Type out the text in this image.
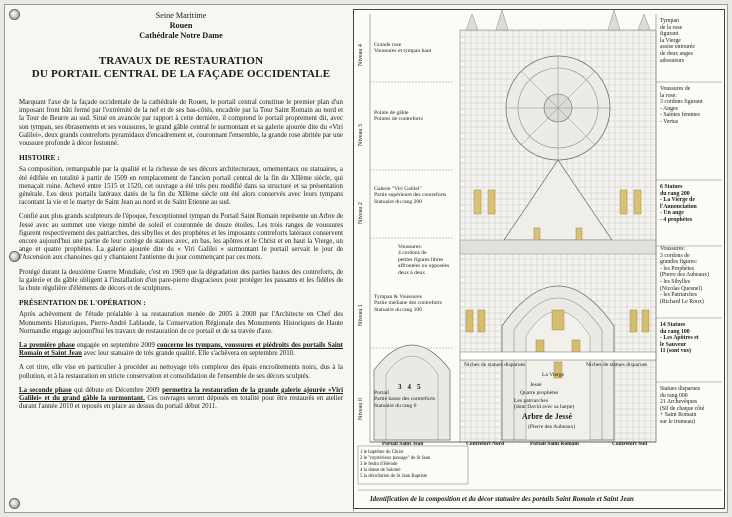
Seine Maritime
Rouen
Cathédrale Notre Dame
TRAVAUX DE RESTAURATION
DU PORTAIL CENTRAL DE LA FAÇADE OCCIDENTALE

Marquant l'axe de la façade occidentale de la cathédrale de Rouen, le portail central constitue le premier plan d'un imposant front bâti fermé par l'extrémité de la nef et de ses bas-côtés, encadrée par la Tour Saint Romain au nord et la Tour de Beurre au sud. Situé en avancée par rapport à cette dernière, il comprend le portail proprement dit, avec son tympan, ses ébrasements et ses voussures, le grand gâble central le surmontant et sa galerie ajourée dite du «Viri Galilei», deux grands contreforts pyramidaux d'encadrement et, couronnant l'ensemble, la grande rose abritée par une voussure profonde à décor festonné.

HISTOIRE :

Sa composition, remarquable par la qualité et la richesse de ses décors architecturaux, ornementaux ou statuaires, a été édifiée en totalité à partir de 1509 en remplacement de l'ancien portail central de la fin du XIIème siècle, qui menaçait ruine. Achevé entre 1515 et 1520, cet ouvrage a été très peu modifié dans sa structure et sa présentation générale. Les deux portails latéraux datés de la fin du XIIème siècle ont été alors conservés avec leurs tympans racontant la vie et le martyr de Saint Jean au nord et de Saint Etienne au sud.

Confié aux plus grands sculpteurs de l'époque, l'exceptionnel tympan du Portail Saint Romain représente un Arbre de Jessé avec au sommet une vierge nimbé de soleil et couronnée de douze étoiles. Les trois ranges de voussures figurent respectivement des patriarches, des sibylles et des prophètes et les imposants contreforts latéraux conservent encore aujourd'hui une partie de leur cortège de statues avec, en bas, les apôtres et le Christ et en haut la Vierge, un ange et quatre prophètes. La galerie ajourée dite du « Viri Galilei » surmontant le portail servait le jour de l'Ascension aux chanoines qui y chantaient l'antienne du jour commençant par ces mots.

Protégé durant la deuxième Guerre Mondiale, c'est en 1969 que la dégradation des parties hautes des contreforts, de la galerie et du gâble obligent à l'installation d'un pare-pierre disgracieux pour protéger les passants et les fidèles de la chute régulière d'éléments de décors et de sculptures.

PRÉSENTATION DE L'OPÉRATION :

Après achèvement de l'étude préalable à sa restauration menée de 2005 à 2008 par l'Architecte en Chef des Monuments Historiques, Pierre-André Lablaude, la Conservation Régionale des Monuments Historiques de Haute Normandie engage aujourd'hui les travaux de restauration de ce portail et de sa travée d'axe.

La première phase engagée en septembre 2009 concerne les tympans, voussures et piédroits des portails Saint Romain et Saint Jean avec leur statuaire de très grande qualité. Elle s'achèvera en septembre 2010.

A cet titre, elle vise en particulier à procéder au nettoyage très complexe des épais encroûtements noirs, dus à la pollution, et à la restauration en stricte conservation et consolidation de l'ensemble de ses décors sculptés.

La seconde phase qui débute en Décembre 2009 permettra la restauration de la grande galerie ajourée «Viri Galilei» et du grand gâble la surmontant. Ces ouvrages seront déposés en totalité pour être restaurés en atelier durant l'année 2010 et reposés en place au dessus du portail début 2011.

Niveau 4
Niveau 3
Niveau 2
Niveau 1
Niveau 0
Grande rose
Voussures et tympan haut
Pointe de gâble
Pointes de contreforts
Galerie "Viri Galilei"
Partie supérieure des contreforts
Statuaire du rang 200
Voussures:
4 cordons de
petites figures libres
affrontées ou opposées
deux à deux
Tympan & Voussures
Partie médiane des contreforts
Statuaire du rang 100
Portail
Partie basse des contreforts
Statuaire du rang 0
Tympan
de la rose
figurant
la Vierge
assise entourée
de deux anges
adorateurs
Voussures de
la rose:
3 cordons figurant
- Anges
- Saintes femmes
- Vertus
6 Statues
du rang 200
- La Vierge de
l'Annonciation
- Un ange
- 4 prophètes
Voussures:
3 cordons de
grandes figures:
- les Prophètes
(Pierre des Aubeaux)
- les Sibylles
(Nicolas Quesnel)
- les Patriarches
(Richard Le Roux)
14 Statues
du rang 100
- Les Apôtres et
le Sauveur
11 (sont vus)
Statues disparues
du rang 000
21 Archevêques
(Sil de chaque côté
+ Saint Romain
sur le trumeau)
La Vierge
Jessé
Quatre prophètes
Les patriarches
(dont David avec sa harpe)
Niches de statues disparues	Niches de statues disparues
Arbre de Jessé
(Pierre des Aubeaux)

345

Portail Saint Jean	Contrefort Nord	Portail Saint Romain	Contrefort Sud
1 le baptême du Christ
2 le "mystérieux passage" de St Jean
3 le festin d'Hérode
4 la danse de Salomé
5 la décollation de St Jean Baptiste
Identification de la composition et du décor statuaire des portails Saint Romain et Saint Jean
